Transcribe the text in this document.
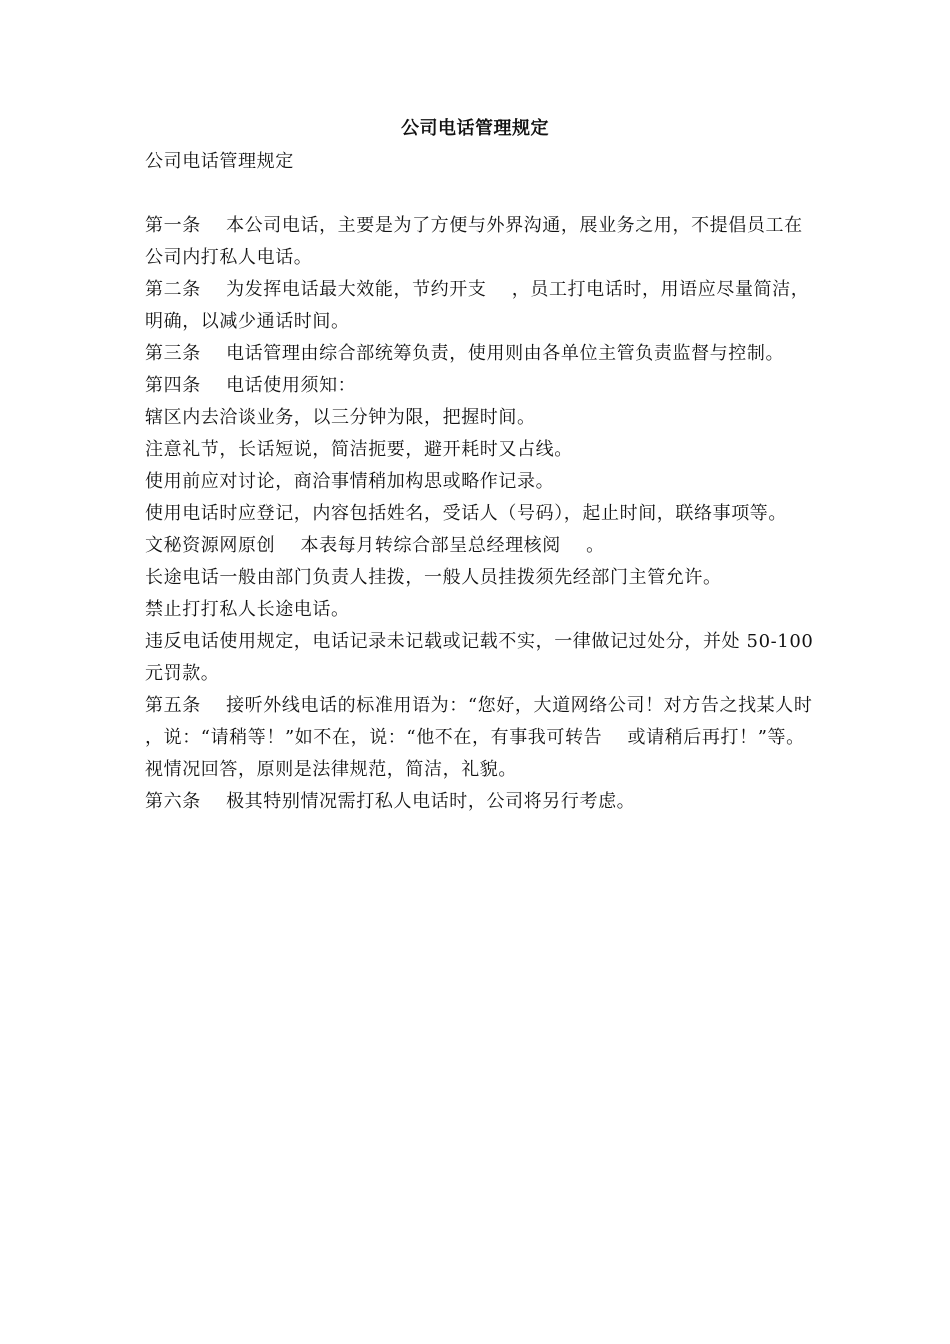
公司电话管理规定

公司电话管理规定

第一条    本公司电话，主要是为了方便与外界沟通，展业务之用，不提倡员工在公司内打私人电话。

第二条    为发挥电话最大效能，节约开支    ，员工打电话时，用语应尽量简洁，明确，以减少通话时间。

第三条    电话管理由综合部统筹负责，使用则由各单位主管负责监督与控制。

第四条    电话使用须知：

辖区内去洽谈业务，以三分钟为限，把握时间。

注意礼节，长话短说，简洁扼要，避开耗时又占线。

使用前应对讨论，商洽事情稍加构思或略作记录。

使用电话时应登记，内容包括姓名，受话人（号码），起止时间，联络事项等。

文秘资源网原创    本表每月转综合部呈总经理核阅    。

长途电话一般由部门负责人挂拨，一般人员挂拨须先经部门主管允许。

禁止打打私人长途电话。

违反电话使用规定，电话记录未记载或记载不实，一律做记过处分，并处 50-100 元罚款。

第五条    接听外线电话的标准用语为：“您好，大道网络公司！对方告之找某人时    ，说：“请稍等！”如不在，说：“他不在，有事我可转告    或请稍后再打！”等。视情况回答，原则是法律规范，简洁，礼貌。

第六条    极其特别情况需打私人电话时，公司将另行考虑。
